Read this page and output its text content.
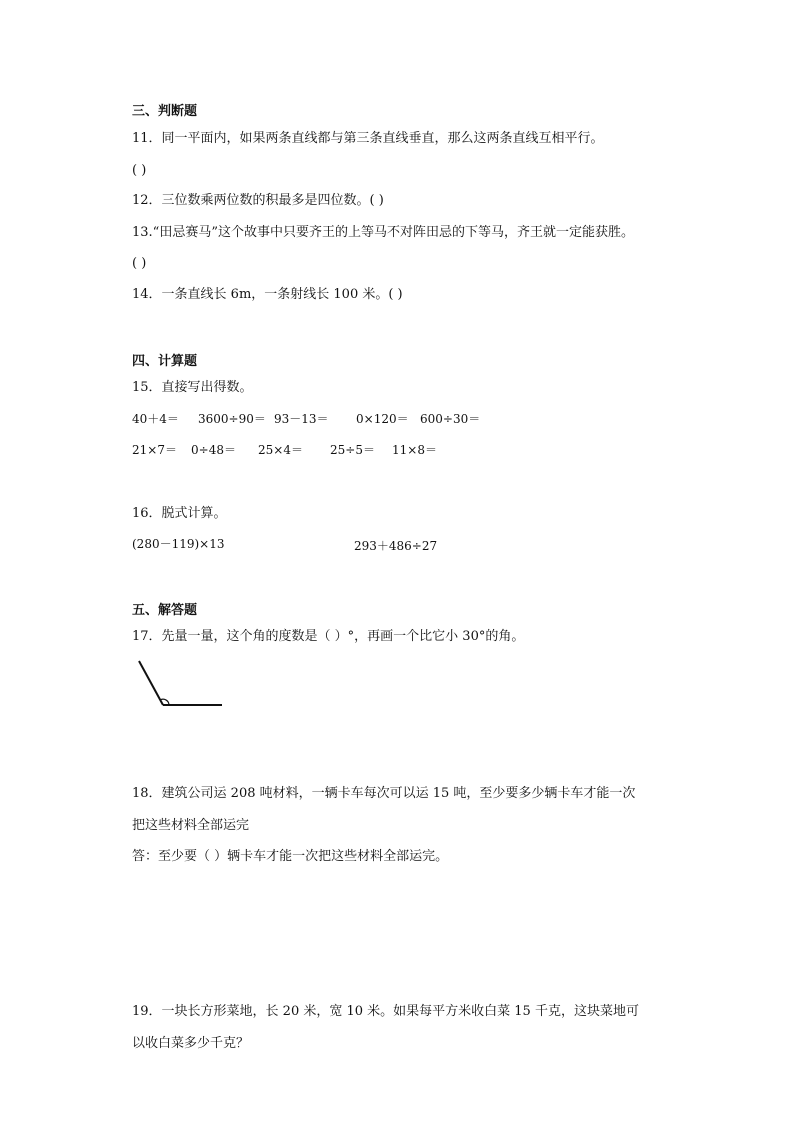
三、判断题
11．同一平面内，如果两条直线都与第三条直线垂直，那么这两条直线互相平行。
( )
12．三位数乘两位数的积最多是四位数。( )
13.“田忌赛马”这个故事中只要齐王的上等马不对阵田忌的下等马，齐王就一定能获胜。
( )
14．一条直线长 6m，一条射线长 100 米。( )
四、计算题
15．直接写出得数。
40＋4＝ 3600÷90＝ 93－13＝ 0×120＝ 600÷30＝
21×7＝ 0÷48＝ 25×4＝ 25÷5＝ 11×8＝
16．脱式计算。
(280－119)×13	293＋486÷27
五、解答题
17．先量一量，这个角的度数是（ ）°，再画一个比它小 30°的角。
18．建筑公司运 208 吨材料，一辆卡车每次可以运 15 吨，至少要多少辆卡车才能一次
把这些材料全部运完
答：至少要（ ）辆卡车才能一次把这些材料全部运完。
19．一块长方形菜地，长 20 米，宽 10 米。如果每平方米收白菜 15 千克，这块菜地可
以收白菜多少千克？
